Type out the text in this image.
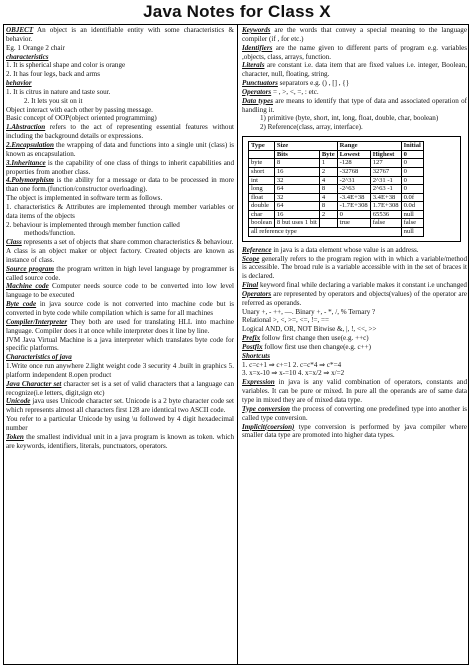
Java Notes for Class X

OBJECT An object is an identifiable entity with some characteristics & behavior.

Eg. 1 Orange 2 chair

characteristics

1. It is spherical shape and color is orange

2. It has four legs, back and arms

behavior

1. It is citrus in nature and taste sour.

2. It lets you sit on it

Object interact with each other by passing message.

Basic concept of OOP(object oriented programming)

1.Abstraction refers to the act of representing essential features without including the background details or expressions.

2.Encapsulation the wrapping of data and functions into a single unit (class) is known as encapsulation.

3.Inheritance is the capability of one class of things to inherit capabilities and properties from another class.

4.Polymorphism is the ability for a message or data to be processed in more than one form.(function/constructor overloading).

The object is implemented in software term as follows.

1. characteristics & Attributes are implemented through member variables or data items of the objects

2. behaviour is implemented through member function called

methods/function.

Class represents a set of objects that share common characteristics & behaviour.

A class is an object maker or object factory. Created objects are known as instance of class.

Source program the program written in high level language by programmer is called source code.

Machine code Computer needs source code to be converted into low level language to be executed

Byte code in java source code is not converted into machine code but is converted in byte code while compilation which is same for all machines

Compiler/Interpreter They both are used for translating HLL into machine language. Compiler does it at once while interpreter does it line by line.

JVM Java Virtual Machine is a java interpreter which translates byte code for specific platforms.

Characteristics of java

1.Write once run anywhere 2.light weight code 3 security 4 .built in graphics 5. platform independent 8.open product

Java Character set character set is a set of valid characters that a language can recognize(i.e letters, digit,sign etc)

Unicode java uses Unicode character set. Unicode is a 2 byte character code set which represents almost all characters first 128 are identical two ASCII code.

You refer to a particular Unicode by using \u followed by 4 digit hexadecimal number

Token the smallest individual unit in a java program is known as token. which are keywords, identifiers, literals, punctuators, operators.

Keywords are the words that convey a special meaning to the language compiler (if , for etc.)

Identifiers are the name given to different parts of program e.g. variables ,objects, class, arrays, function.

Literals are constant i.e. data item that are fixed values i.e. integer, Boolean, character, null, floating, string.

Punctuators separators e.g. () , [] , {}

Operators = , >, <, =, : etc.

Data types are means to identify that type of data and associated operation of handling it.

1) primitive (byte, short, int, long, float, double, char, boolean)

2) Reference(class, array, interface).

Type	Size		Range		Initial
	Bits	Byte	Lowest	Highest	0
byte	8	1	-128	127	0
short	16	2	-32768	32767	0
int	32	4	-2^31	2^31 -1	0
long	64	8	-2^63	2^63 -1	0
float	32	4	-3.4E+38	3.4E+38	0.0f
double	64	8	-1.7E+308	1.7E+308	0.0d
char	16	2	0	65536	null
boolean	8 but uses 1 bit		true	false	false
all reference type					null

Reference in java is a data element whose value is an address.

Scope generally refers to the program region with in which a variable/method is accessible. The broad rule is a variable accessible with in the set of braces it is declared.

Final keyword final while declaring a variable makes it constant i.e unchanged

Operators are represented by operators and objects(values) of the operator are referred as operands.

Unary +, - ++, —. Binary +, - *, /, % Ternary ?

Relational >, <, >=, <=, !=, ==

Logical AND, OR, NOT Bitwise &, |, !, <<, >>

Prefix follow first change then use(e.g. ++c)

Postfix follow first use then change(e.g. c++)

Shortcuts

1. c=c+1 ⇒ c+=1 2. c=c*4 ⇒ c*=4

3. x=x-10 ⇒ x-=10 4. x=x/2 ⇒ x/=2

Expression in java is any valid combination of operators, constants and variables. It can be pure or mixed. In pure all the operands are of same data type in mixed they are of mixed data type.

Type conversion the process of converting one predefined type into another is called type conversion.

Implicit(coersion) type conversion is performed by java compiler where smaller data type are promoted into higher data types.
